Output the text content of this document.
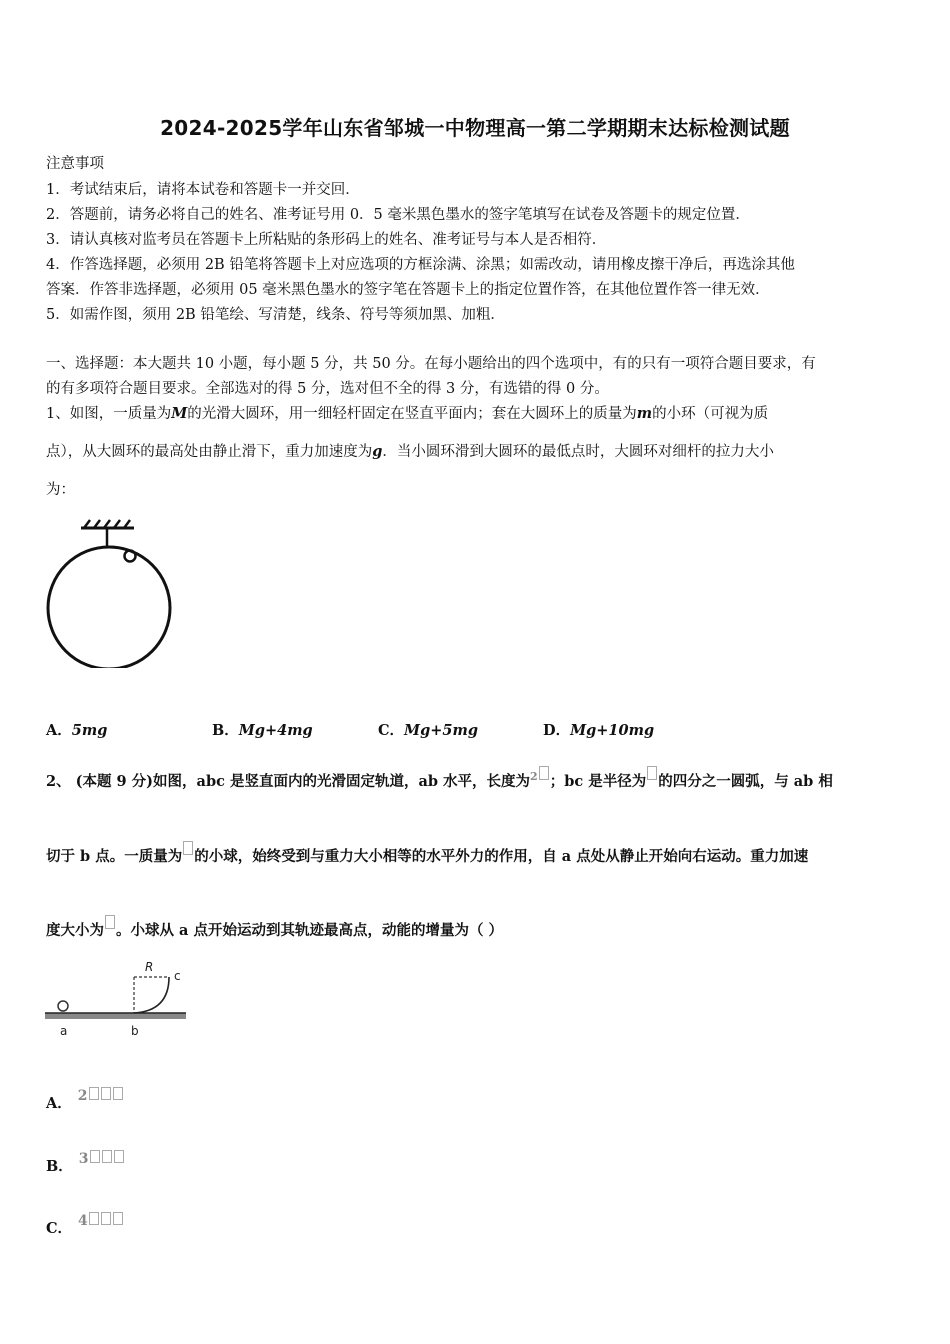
2024-2025学年山东省邹城一中物理高一第二学期期末达标检测试题
注意事项
1．考试结束后，请将本试卷和答题卡一并交回．
2．答题前，请务必将自己的姓名、准考证号用 0．5 毫米黑色墨水的签字笔填写在试卷及答题卡的规定位置．
3．请认真核对监考员在答题卡上所粘贴的条形码上的姓名、准考证号与本人是否相符．
4．作答选择题，必须用 2B 铅笔将答题卡上对应选项的方框涂满、涂黑；如需改动，请用橡皮擦干净后，再选涂其他
答案．作答非选择题，必须用 05 毫米黑色墨水的签字笔在答题卡上的指定位置作答，在其他位置作答一律无效．
5．如需作图，须用 2B 铅笔绘、写清楚，线条、符号等须加黑、加粗．
一、选择题：本大题共 10 小题，每小题 5 分，共 50 分。在每小题给出的四个选项中，有的只有一项符合题目要求，有
的有多项符合题目要求。全部选对的得 5 分，选对但不全的得 3 分，有选错的得 0 分。
1、如图，一质量为M的光滑大圆环，用一细轻杆固定在竖直平面内；套在大圆环上的质量为m的小环（可视为质
点），从大圆环的最高处由静止滑下，重力加速度为g．当小圆环滑到大圆环的最低点时，大圆环对细杆的拉力大小
为：
A．5mg	B．Mg+4mg	C．Mg+5mg	D．Mg+10mg
2、 (本题 9 分)如图，abc 是竖直面内的光滑固定轨道，ab 水平，长度为$^2$ ；bc 是半径为 的四分之一圆弧，与 ab 相
切于 b 点。一质量为 的小球，始终受到与重力大小相等的水平外力的作用，自 a 点处从静止开始向右运动。重力加速
度大小为 。小球从 a 点开始运动到其轨迹最高点，动能的增量为（ ）
R
c
a	b
A． 2
B． 3
C． 4
